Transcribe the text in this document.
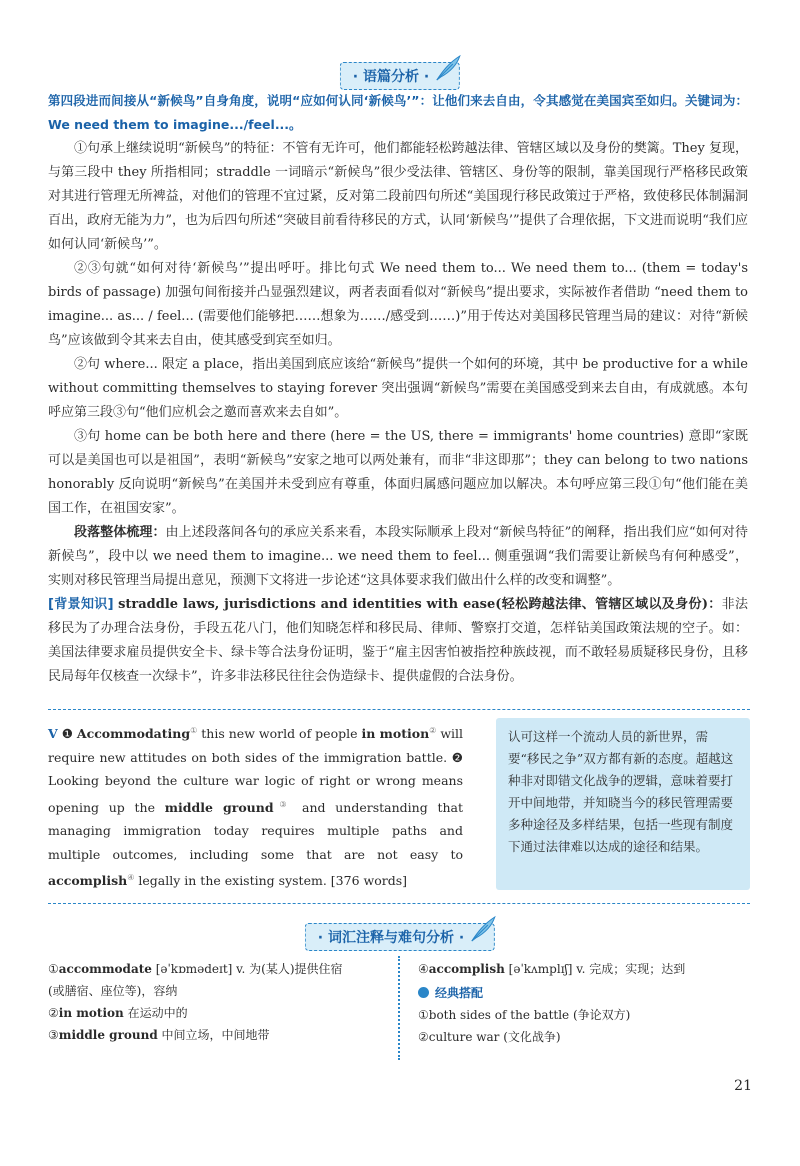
· 语篇分析 ·

第四段进而间接从“新候鸟”自身角度，说明“应如何认同‘新候鸟’”：让他们来去自由，令其感觉在美国宾至如归。关键词为：We need them to imagine.../feel...。

①句承上继续说明“新候鸟”的特征：不管有无许可，他们都能轻松跨越法律、管辖区域以及身份的樊篱。They 复现，与第三段中 they 所指相同；straddle 一词暗示“新候鸟”很少受法律、管辖区、身份等的限制，靠美国现行严格移民政策对其进行管理无所裨益，对他们的管理不宜过紧，反对第二段前四句所述“美国现行移民政策过于严格，致使移民体制漏洞百出，政府无能为力”，也为后四句所述“突破目前看待移民的方式，认同‘新候鸟’”提供了合理依据，下文进而说明“我们应如何认同‘新候鸟’”。

②③句就“如何对待‘新候鸟’”提出呼吁。排比句式 We need them to... We need them to... (them = today's birds of passage) 加强句间衔接并凸显强烈建议，两者表面看似对“新候鸟”提出要求，实际被作者借助 “need them to imagine... as... / feel... (需要他们能够把……想象为……/感受到……)”用于传达对美国移民管理当局的建议：对待“新候鸟”应该做到令其来去自由，使其感受到宾至如归。

②句 where... 限定 a place，指出美国到底应该给“新候鸟”提供一个如何的环境，其中 be productive for a while without committing themselves to staying forever 突出强调“新候鸟”需要在美国感受到来去自由，有成就感。本句呼应第三段③句“他们应机会之邀而喜欢来去自如”。

③句 home can be both here and there (here = the US, there = immigrants' home countries) 意即“家既可以是美国也可以是祖国”，表明“新候鸟”安家之地可以两处兼有，而非“非这即那”；they can belong to two nations honorably 反向说明“新候鸟”在美国并未受到应有尊重，体面归属感问题应加以解决。本句呼应第三段①句“他们能在美国工作，在祖国安家”。

段落整体梳理：由上述段落间各句的承应关系来看，本段实际顺承上段对“新候鸟特征”的阐释，指出我们应“如何对待新候鸟”，段中以 we need them to imagine... we need them to feel... 侧重强调“我们需要让新候鸟有何种感受”，实则对移民管理当局提出意见，预测下文将进一步论述“这具体要求我们做出什么样的改变和调整”。

[背景知识] straddle laws, jurisdictions and identities with ease(轻松跨越法律、管辖区域以及身份)：非法移民为了办理合法身份，手段五花八门，他们知晓怎样和移民局、律师、警察打交道，怎样钻美国政策法规的空子。如：美国法律要求雇员提供安全卡、绿卡等合法身份证明，鉴于“雇主因害怕被指控种族歧视，而不敢轻易质疑移民身份，且移民局每年仅核查一次绿卡”，许多非法移民往往会伪造绿卡、提供虚假的合法身份。

V ❶ Accommodating① this new world of people in motion② will require new attitudes on both sides of the immigration battle. ❷ Looking beyond the culture war logic of right or wrong means opening up the middle ground③ and understanding that managing immigration today requires multiple paths and multiple outcomes, including some that are not easy to accomplish④ legally in the existing system. [376 words]

认可这样一个流动人员的新世界，需要“移民之争”双方都有新的态度。超越这种非对即错文化战争的逻辑，意味着要打开中间地带，并知晓当今的移民管理需要多种途径及多样结果，包括一些现有制度下通过法律难以达成的途径和结果。
· 词汇注释与难句分析 ·
①accommodate [əˈkɒmədeɪt] v. 为(某人)提供住宿
(或膳宿、座位等)，容纳
②in motion 在运动中的
③middle ground 中间立场，中间地带
④accomplish [əˈkʌmplɪʃ] v. 完成；实现；达到
经典搭配
①both sides of the battle (争论双方)
②culture war (文化战争)
21
